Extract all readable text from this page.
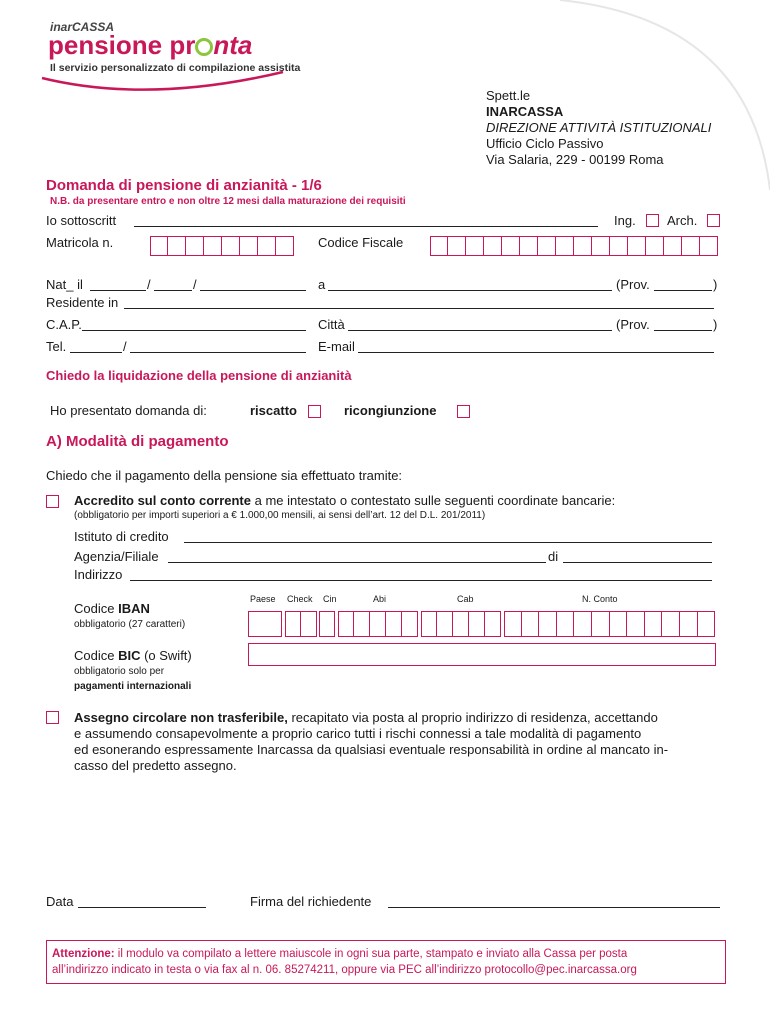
inarCASSA
pensione pr nta
Il servizio personalizzato di compilazione assistita
Spett.le
INARCASSA
DIREZIONE ATTIVITÀ ISTITUZIONALI
Ufficio Ciclo Passivo
Via Salaria, 229 - 00199 Roma
Domanda di pensione di anzianità - 1/6
N.B. da presentare entro e non oltre 12 mesi dalla maturazione dei requisiti
Io sottoscritt	Ing. Arch.
Matricola n.	Codice Fiscale
Nat_ il	/	/	a	(Prov.	)
Residente in
C.A.P.	Città	(Prov.	)
Tel.	/	E-mail
Chiedo la liquidazione della pensione di anzianità
Ho presentato domanda di:	riscatto	ricongiunzione
A) Modalità di pagamento
Chiedo che il pagamento della pensione sia effettuato tramite:
Accredito sul conto corrente a me intestato o contestato sulle seguenti coordinate bancarie:
(obbligatorio per importi superiori a € 1.000,00 mensili, ai sensi dell’art. 12 del D.L. 201/2011)
Istituto di credito
Agenzia/Filiale	di
Indirizzo
Paese Check Cin	Abi	Cab	N. Conto
Codice IBAN
obbligatorio (27 caratteri)
Codice BIC (o Swift)
obbligatorio solo per
pagamenti internazionali
Assegno circolare non trasferibile, recapitato via posta al proprio indirizzo di residenza, accettando
e assumendo consapevolmente a proprio carico tutti i rischi connessi a tale modalità di pagamento
ed esonerando espressamente Inarcassa da qualsiasi eventuale responsabilità in ordine al mancato in-
casso del predetto assegno.
Data	Firma del richiedente
Attenzione: il modulo va compilato a lettere maiuscole in ogni sua parte, stampato e inviato alla Cassa per posta
all’indirizzo indicato in testa o via fax al n. 06. 85274211, oppure via PEC all’indirizzo protocollo@pec.inarcassa.org
